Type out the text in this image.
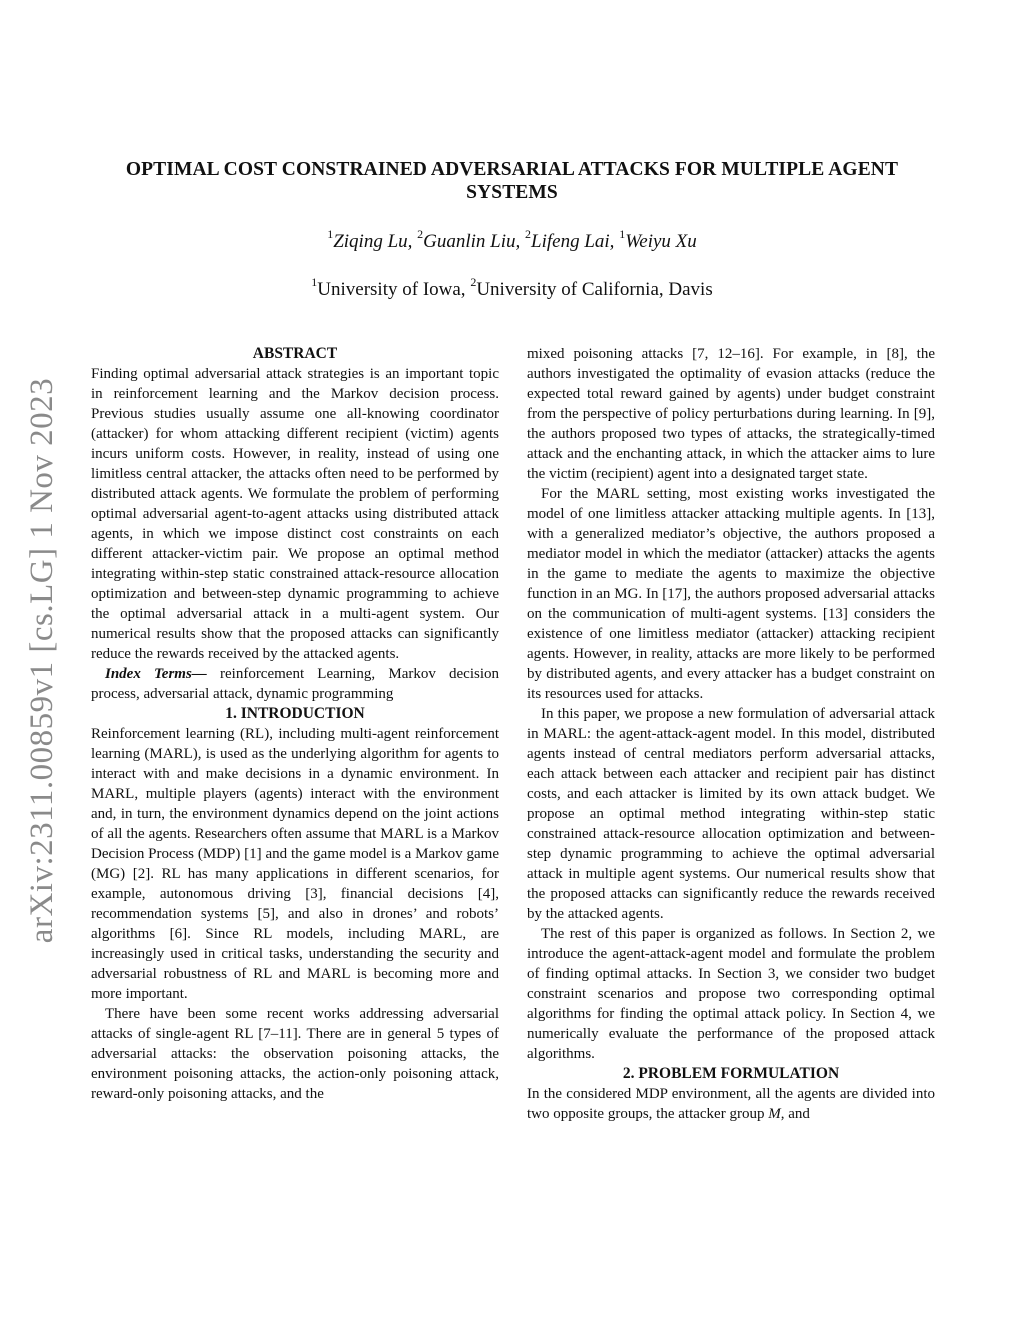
arXiv:2311.00859v1 [cs.LG] 1 Nov 2023
OPTIMAL COST CONSTRAINED ADVERSARIAL ATTACKS FOR MULTIPLE AGENT
SYSTEMS
$^1$Ziqing Lu, $^2$Guanlin Liu, $^2$Lifeng Lai, $^1$Weiyu Xu
$^1$University of Iowa, $^2$University of California, Davis

ABSTRACT

Finding optimal adversarial attack strategies is an important topic in reinforcement learning and the Markov decision process. Previous studies usually assume one all-knowing coordinator (attacker) for whom attacking different recipient (victim) agents incurs uniform costs. However, in reality, instead of using one limitless central attacker, the attacks often need to be performed by distributed attack agents. We formulate the problem of performing optimal adversarial agent-to-agent attacks using distributed attack agents, in which we impose distinct cost constraints on each different attacker-victim pair. We propose an optimal method integrating within-step static constrained attack-resource allocation optimization and between-step dynamic programming to achieve the optimal adversarial attack in a multi-agent system. Our numerical results show that the proposed attacks can significantly reduce the rewards received by the attacked agents.

Index Terms— reinforcement Learning, Markov decision process, adversarial attack, dynamic programming

1. INTRODUCTION

Reinforcement learning (RL), including multi-agent reinforcement learning (MARL), is used as the underlying algorithm for agents to interact with and make decisions in a dynamic environment. In MARL, multiple players (agents) interact with the environment and, in turn, the environment dynamics depend on the joint actions of all the agents. Researchers often assume that MARL is a Markov Decision Process (MDP) [1] and the game model is a Markov game (MG) [2]. RL has many applications in different scenarios, for example, autonomous driving [3], financial decisions [4], recommendation systems [5], and also in drones’ and robots’ algorithms [6]. Since RL models, including MARL, are increasingly used in critical tasks, understanding the security and adversarial robustness of RL and MARL is becoming more and more important.

There have been some recent works addressing adversarial attacks of single-agent RL [7–11]. There are in general 5 types of adversarial attacks: the observation poisoning attacks, the environment poisoning attacks, the action-only poisoning attack, reward-only poisoning attacks, and the

mixed poisoning attacks [7, 12–16]. For example, in [8], the authors investigated the optimality of evasion attacks (reduce the expected total reward gained by agents) under budget constraint from the perspective of policy perturbations during learning. In [9], the authors proposed two types of attacks, the strategically-timed attack and the enchanting attack, in which the attacker aims to lure the victim (recipient) agent into a designated target state.

For the MARL setting, most existing works investigated the model of one limitless attacker attacking multiple agents. In [13], with a generalized mediator’s objective, the authors proposed a mediator model in which the mediator (attacker) attacks the agents in the game to mediate the agents to maximize the objective function in an MG. In [17], the authors proposed adversarial attacks on the communication of multi-agent systems. [13] considers the existence of one limitless mediator (attacker) attacking recipient agents. However, in reality, attacks are more likely to be performed by distributed agents, and every attacker has a budget constraint on its resources used for attacks.

In this paper, we propose a new formulation of adversarial attack in MARL: the agent-attack-agent model. In this model, distributed agents instead of central mediators perform adversarial attacks, each attack between each attacker and recipient pair has distinct costs, and each attacker is limited by its own attack budget. We propose an optimal method integrating within-step static constrained attack-resource allocation optimization and between-step dynamic programming to achieve the optimal adversarial attack in multiple agent systems. Our numerical results show that the proposed attacks can significantly reduce the rewards received by the attacked agents.

The rest of this paper is organized as follows. In Section 2, we introduce the agent-attack-agent model and formulate the problem of finding optimal attacks. In Section 3, we consider two budget constraint scenarios and propose two corresponding optimal algorithms for finding the optimal attack policy. In Section 4, we numerically evaluate the performance of the proposed attack algorithms.

2. PROBLEM FORMULATION

In the considered MDP environment, all the agents are divided into two opposite groups, the attacker group M, and
